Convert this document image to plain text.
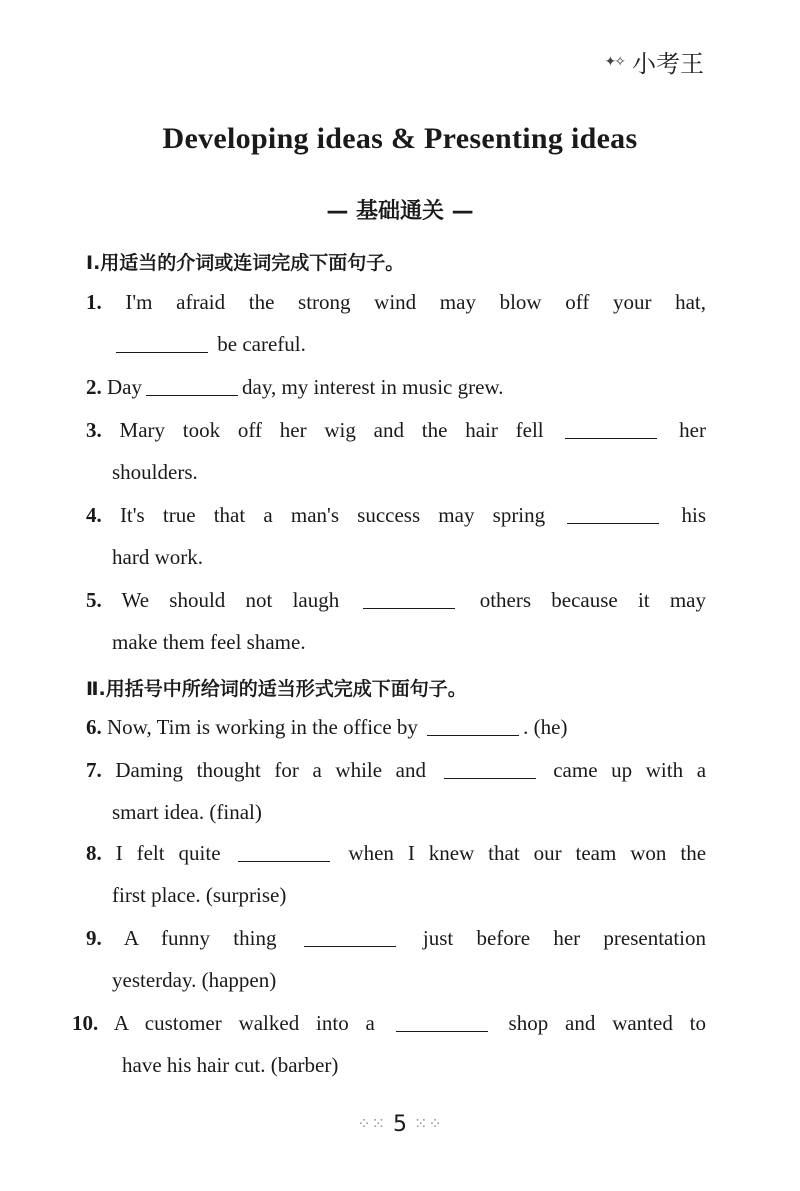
✦✧ 小考王
Developing ideas & Presenting ideas
— 基础通关 —
Ⅰ.用适当的介词或连词完成下面句子。
1. I'm afraid the strong wind may blow off your hat,
be careful.
2. Day	day, my interest in music grew.
3. Mary took off her wig and the hair fell	her
shoulders.
4. It's true that a man's success may spring	his
hard work.
5. We should not laugh	others because it may
make them feel shame.
Ⅱ.用括号中所给词的适当形式完成下面句子。
6. Now, Tim is working in the office by	. (he)
7. Daming thought for a while and	came up with a
smart idea. (final)
8. I felt quite	when I knew that our team won the
first place. (surprise)
9. A funny thing	just before her presentation
yesterday. (happen)
10. A customer walked into a	shop and wanted to
have his hair cut. (barber)
⁘⁙ 5 ⁙⁘
